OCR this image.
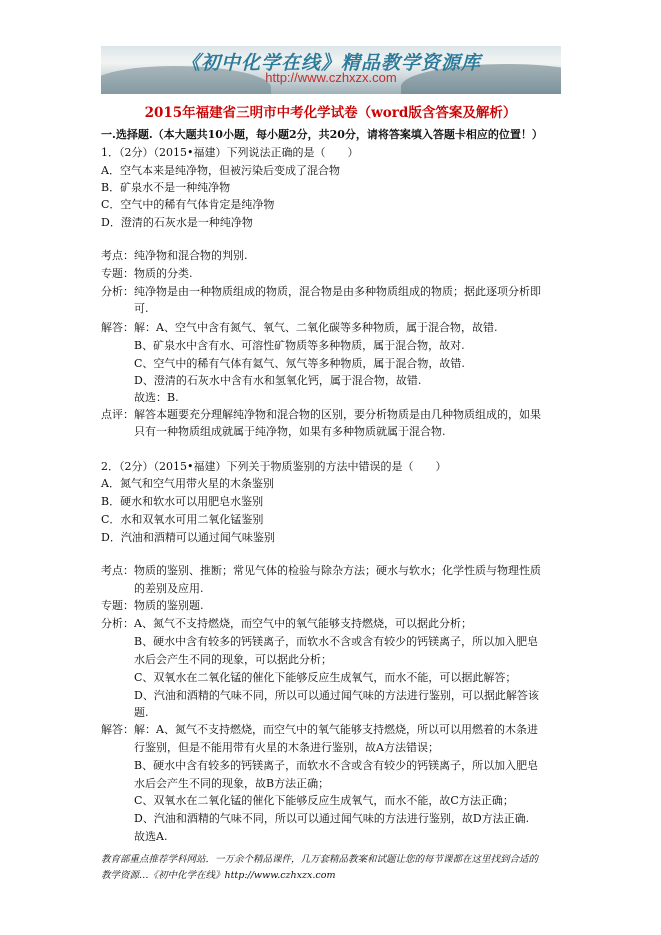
《初中化学在线》精品教学资源库
http://www.czhxzx.com
2015年福建省三明市中考化学试卷（word版含答案及解析）
一.选择题.（本大题共10小题，每小题2分，共20分，请将答案填入答题卡相应的位置！）
1．（2分）（2015•福建）下列说法正确的是（　　）
A．空气本来是纯净物，但被污染后变成了混合物
B．矿泉水不是一种纯净物
C．空气中的稀有气体肯定是纯净物
D．澄清的石灰水是一种纯净物
考点：纯净物和混合物的判别.
专题：物质的分类.
分析：纯净物是由一种物质组成的物质，混合物是由多种物质组成的物质；据此逐项分析即
　　　可.
解答：解：A、空气中含有氮气、氧气、二氧化碳等多种物质，属于混合物，故错.
　　　B、矿泉水中含有水、可溶性矿物质等多种物质，属于混合物，故对.
　　　C、空气中的稀有气体有氦气、氖气等多种物质，属于混合物，故错.
　　　D、澄清的石灰水中含有水和氢氧化钙，属于混合物，故错.
　　　故选：B.
点评：解答本题要充分理解纯净物和混合物的区别，要分析物质是由几种物质组成的，如果
　　　只有一种物质组成就属于纯净物，如果有多种物质就属于混合物.
2．（2分）（2015•福建）下列关于物质鉴别的方法中错误的是（　　）
A．氮气和空气用带火星的木条鉴别
B．硬水和软水可以用肥皂水鉴别
C．水和双氧水可用二氧化锰鉴别
D．汽油和酒精可以通过闻气味鉴别
考点：物质的鉴别、推断；常见气体的检验与除杂方法；硬水与软水；化学性质与物理性质
　　　的差别及应用.
专题：物质的鉴别题.
分析：A、氮气不支持燃烧，而空气中的氧气能够支持燃烧，可以据此分析；
　　　B、硬水中含有较多的钙镁离子，而软水不含或含有较少的钙镁离子，所以加入肥皂
　　　水后会产生不同的现象，可以据此分析；
　　　C、双氧水在二氧化锰的催化下能够反应生成氧气，而水不能，可以据此解答；
　　　D、汽油和酒精的气味不同，所以可以通过闻气味的方法进行鉴别，可以据此解答该
　　　题.
解答：解：A、氮气不支持燃烧，而空气中的氧气能够支持燃烧，所以可以用燃着的木条进
　　　行鉴别，但是不能用带有火星的木条进行鉴别，故A方法错误；
　　　B、硬水中含有较多的钙镁离子，而软水不含或含有较少的钙镁离子，所以加入肥皂
　　　水后会产生不同的现象，故B方法正确；
　　　C、双氧水在二氧化锰的催化下能够反应生成氧气，而水不能，故C方法正确；
　　　D、汽油和酒精的气味不同，所以可以通过闻气味的方法进行鉴别，故D方法正确.
　　　故选A.
教育部重点推荐学科网站．一万余个精品课件，几万套精品教案和试题让您的每节课都在这里找到合适的
教学资源…《初中化学在线》http://www.czhxzx.com
